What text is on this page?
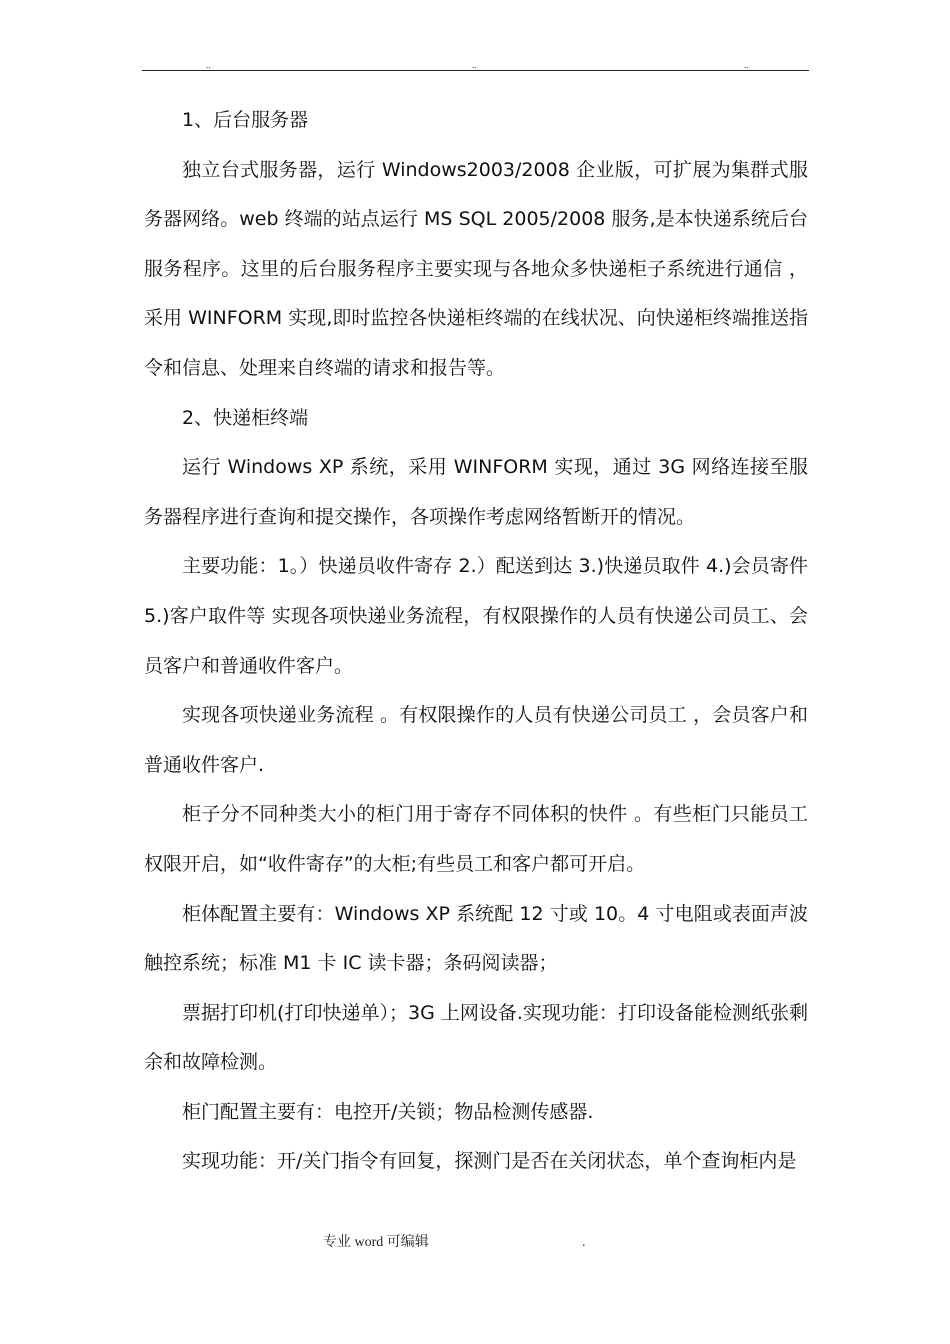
..	..	..

1、后台服务器

独立台式服务器，运行 Windows2003/2008 企业版，可扩展为集群式服务器网络。web 终端的站点运行 MS SQL 2005/2008 服务,是本快递系统后台服务程序。这里的后台服务程序主要实现与各地众多快递柜子系统进行通信 ，采用 WINFORM 实现,即时监控各快递柜终端的在线状况、向快递柜终端推送指令和信息、处理来自终端的请求和报告等。

2、快递柜终端

运行 Windows XP 系统，采用 WINFORM 实现，通过 3G 网络连接至服务器程序进行查询和提交操作，各项操作考虑网络暂断开的情况。

主要功能：1。）快递员收件寄存 2.）配送到达 3.)快递员取件 4.)会员寄件 5.)客户取件等 实现各项快递业务流程，有权限操作的人员有快递公司员工、会员客户和普通收件客户。

实现各项快递业务流程 。有权限操作的人员有快递公司员工 ，会员客户和普通收件客户.

柜子分不同种类大小的柜门用于寄存不同体积的快件 。有些柜门只能员工权限开启，如“收件寄存”的大柜;有些员工和客户都可开启。

柜体配置主要有：Windows XP 系统配 12 寸或 10。4 寸电阻或表面声波触控系统；标准 M1 卡 IC 读卡器；条码阅读器；

票据打印机(打印快递单）；3G 上网设备.实现功能：打印设备能检测纸张剩余和故障检测。

柜门配置主要有：电控开/关锁；物品检测传感器.

实现功能：开/关门指令有回复，探测门是否在关闭状态，单个查询柜内是

专业 word 可编辑	.
